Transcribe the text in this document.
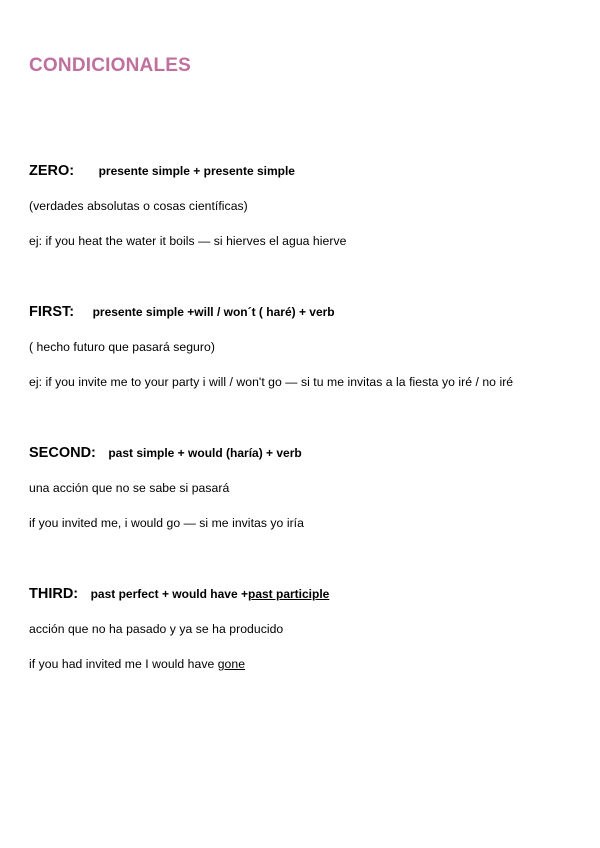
CONDICIONALES
ZERO: presente simple + presente simple
(verdades absolutas o cosas científicas)
ej: if you heat the water it boils — si hierves el agua hierve
FIRST: presente simple +will / won´t ( haré) + verb
( hecho futuro que pasará seguro)
ej: if you invite me to your party i will / won't go — si tu me invitas a la fiesta yo iré / no iré
SECOND: past simple + would (haría) + verb
una acción que no se sabe si pasará
if you invited me, i would go — si me invitas yo iría
THIRD: past perfect + would have +past participle
acción que no ha pasado y ya se ha producido
if you had invited me I would have gone
